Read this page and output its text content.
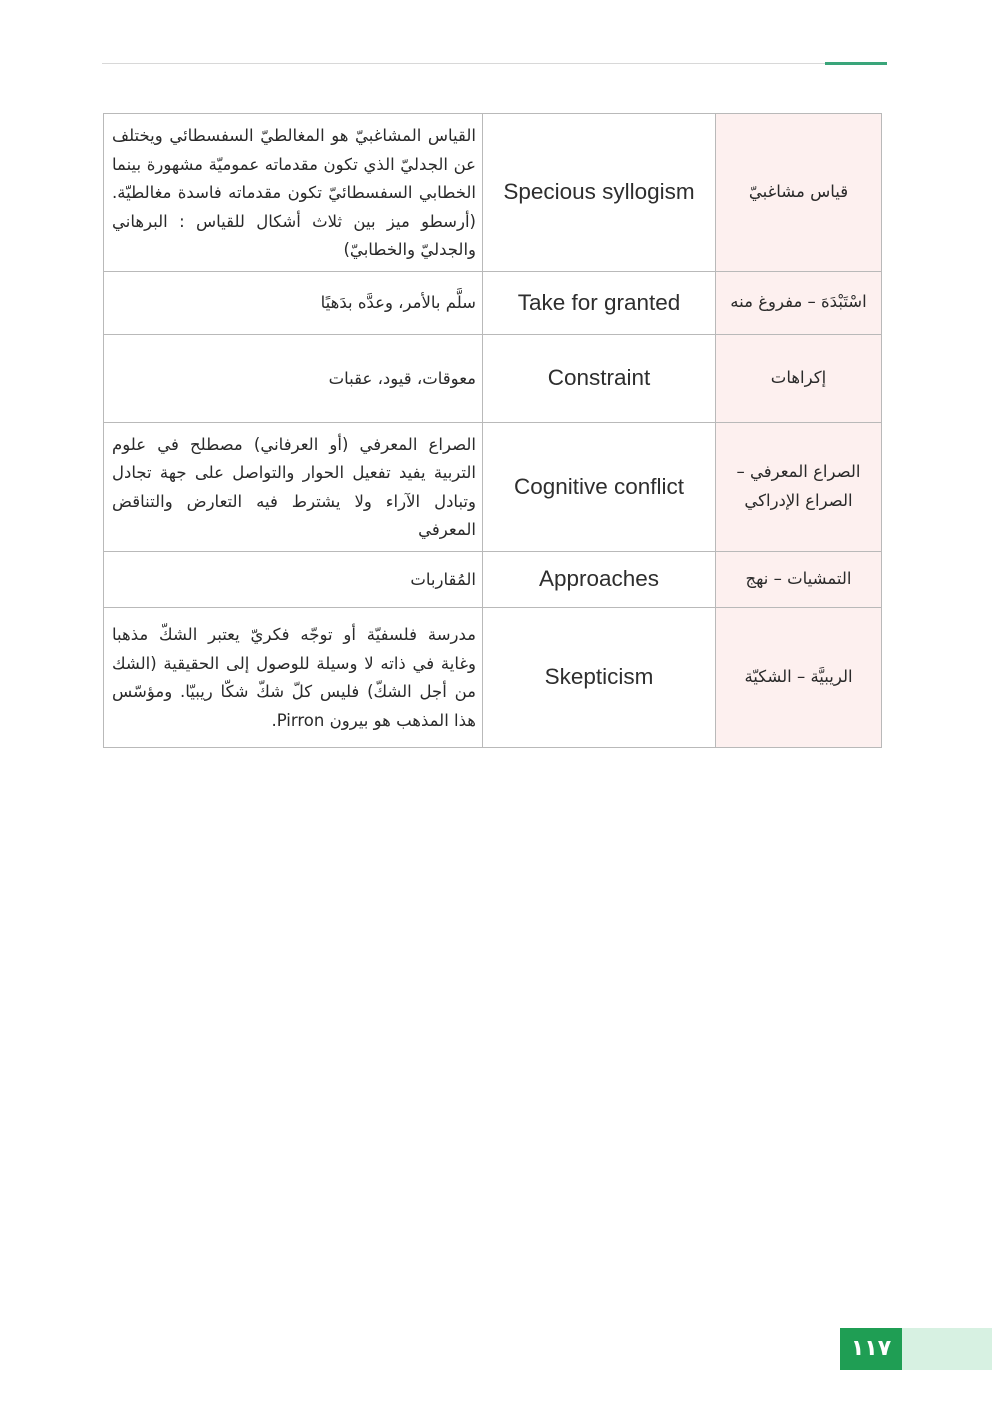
القياس المشاغبيّ هو المغالطيّ السفسطائي ويختلف عن الجدليّ الذي تكون مقدماته عموميّة مشهورة بينما الخطابي السفسطائيّ تكون مقدماته فاسدة مغالطيّة. (أرسطو ميز بين ثلاث أشكال للقياس : البرهاني والجدليّ والخطابيّ)	Specious syllogism	قياس مشاغبيّ
سلَّم بالأمر، وعدَّه بدَهيًا	Take for granted	اسْتَبْدَهَ – مفروغ منه
معوقات، قيود، عقبات	Constraint	إكراهات
الصراع المعرفي (أو العرفاني) مصطلح في علوم التربية يفيد تفعيل الحوار والتواصل على جهة تجادل وتبادل الآراء ولا يشترط فيه التعارض والتناقض المعرفي	Cognitive conflict	الصراع المعرفي – الصراع الإدراكي
المُقاربات	Approaches	التمشيات – نهج
مدرسة فلسفيّة أو توجّه فكريّ يعتبر الشكّ مذهبا وغاية في ذاته لا وسيلة للوصول إلى الحقيقية (الشك من أجل الشكّ) فليس كلّ شكّ شكّا ريبيّا. ومؤسّس هذا المذهب هو بيرون Pirron.	Skepticism	الريبيَّة – الشكيّة
١١٧
